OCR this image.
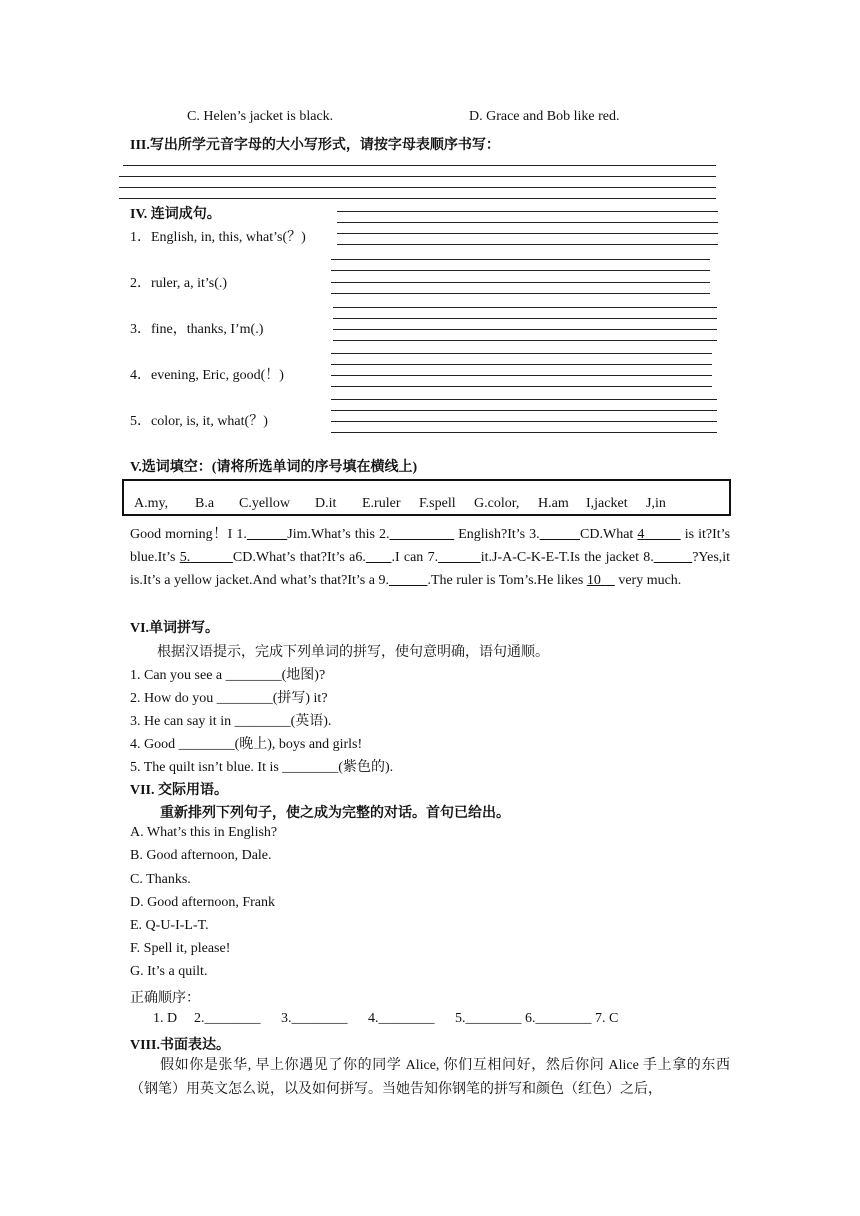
C. Helen’s jacket is black.	D. Grace and Bob like red.
III.写出所学元音字母的大小写形式，请按字母表顺序书写：
IV. 连词成句。
1．English, in, this, what’s(？)
2．ruler, a, it’s(.)
3．fine，thanks, I’m(.)
4．evening, Eric, good(！)
5．color, is, it, what(？)
V.选词填空：(请将所选单词的序号填在横线上)
A.my, B.a C.yellow D.it E.ruler F.spell G.color, H.am I,jacket J,in
Good morning！I 1.	Jim.What’s this 2.	English?It’s 3.	CD.What 4	is it?It’s blue.It’s 5.	CD.What’s that?It’s a6. .I can 7.	it.J-A-C-K-E-T.Is the jacket 8.	?Yes,it is.It’s a yellow jacket.And what’s that?It’s a 9.	.The ruler is Tom’s.He likes 10     very much.
VI.单词拼写。
根据汉语提示，完成下列单词的拼写，使句意明确，语句通顺。
1. Can you see a ________(地图)?
2. How do you ________(拼写) it?
3. He can say it in ________(英语).
4. Good ________(晚上), boys and girls!
5. The quilt isn’t blue. It is ________(紫色的).
VII. 交际用语。
重新排列下列句子，使之成为完整的对话。首句已给出。
A. What’s this in English?
B. Good afternoon, Dale.
C. Thanks.
D. Good afternoon, Frank
E. Q-U-I-L-T.
F. Spell it, please!
G. It’s a quilt.
正确顺序：
1. D 2.________ 3.________ 4.________ 5.________ 6.________ 7. C
VIII.书面表达。
假如你是张华, 早上你遇见了你的同学 Alice, 你们互相问好，然后你问 Alice 手上拿的东西（钢笔）用英文怎么说，以及如何拼写。当她告知你钢笔的拼写和颜色（红色）之后，
